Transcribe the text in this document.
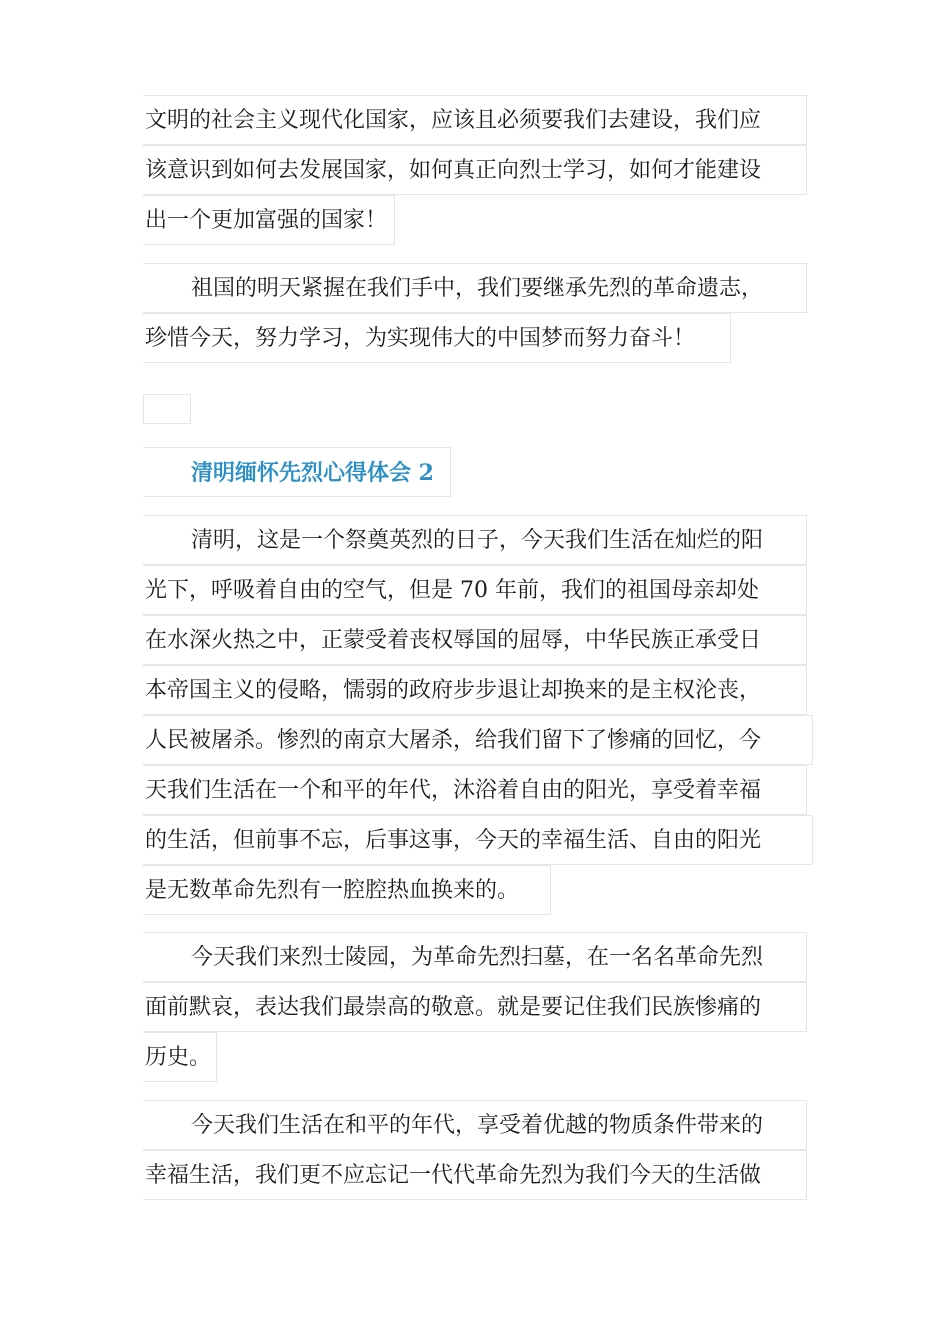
文明的社会主义现代化国家，应该且必须要我们去建设，我们应
该意识到如何去发展国家，如何真正向烈士学习，如何才能建设
出一个更加富强的国家！
祖国的明天紧握在我们手中，我们要继承先烈的革命遗志，
珍惜今天，努力学习，为实现伟大的中国梦而努力奋斗！
清明缅怀先烈心得体会 2
清明，这是一个祭奠英烈的日子，今天我们生活在灿烂的阳
光下，呼吸着自由的空气，但是 70 年前，我们的祖国母亲却处
在水深火热之中，正蒙受着丧权辱国的屈辱，中华民族正承受日
本帝国主义的侵略，懦弱的政府步步退让却换来的是主权沦丧，
人民被屠杀。惨烈的南京大屠杀，给我们留下了惨痛的回忆，今
天我们生活在一个和平的年代，沐浴着自由的阳光，享受着幸福
的生活，但前事不忘，后事这事，今天的幸福生活、自由的阳光
是无数革命先烈有一腔腔热血换来的。
今天我们来烈士陵园，为革命先烈扫墓，在一名名革命先烈
面前默哀，表达我们最崇高的敬意。就是要记住我们民族惨痛的
历史。
今天我们生活在和平的年代，享受着优越的物质条件带来的
幸福生活，我们更不应忘记一代代革命先烈为我们今天的生活做
